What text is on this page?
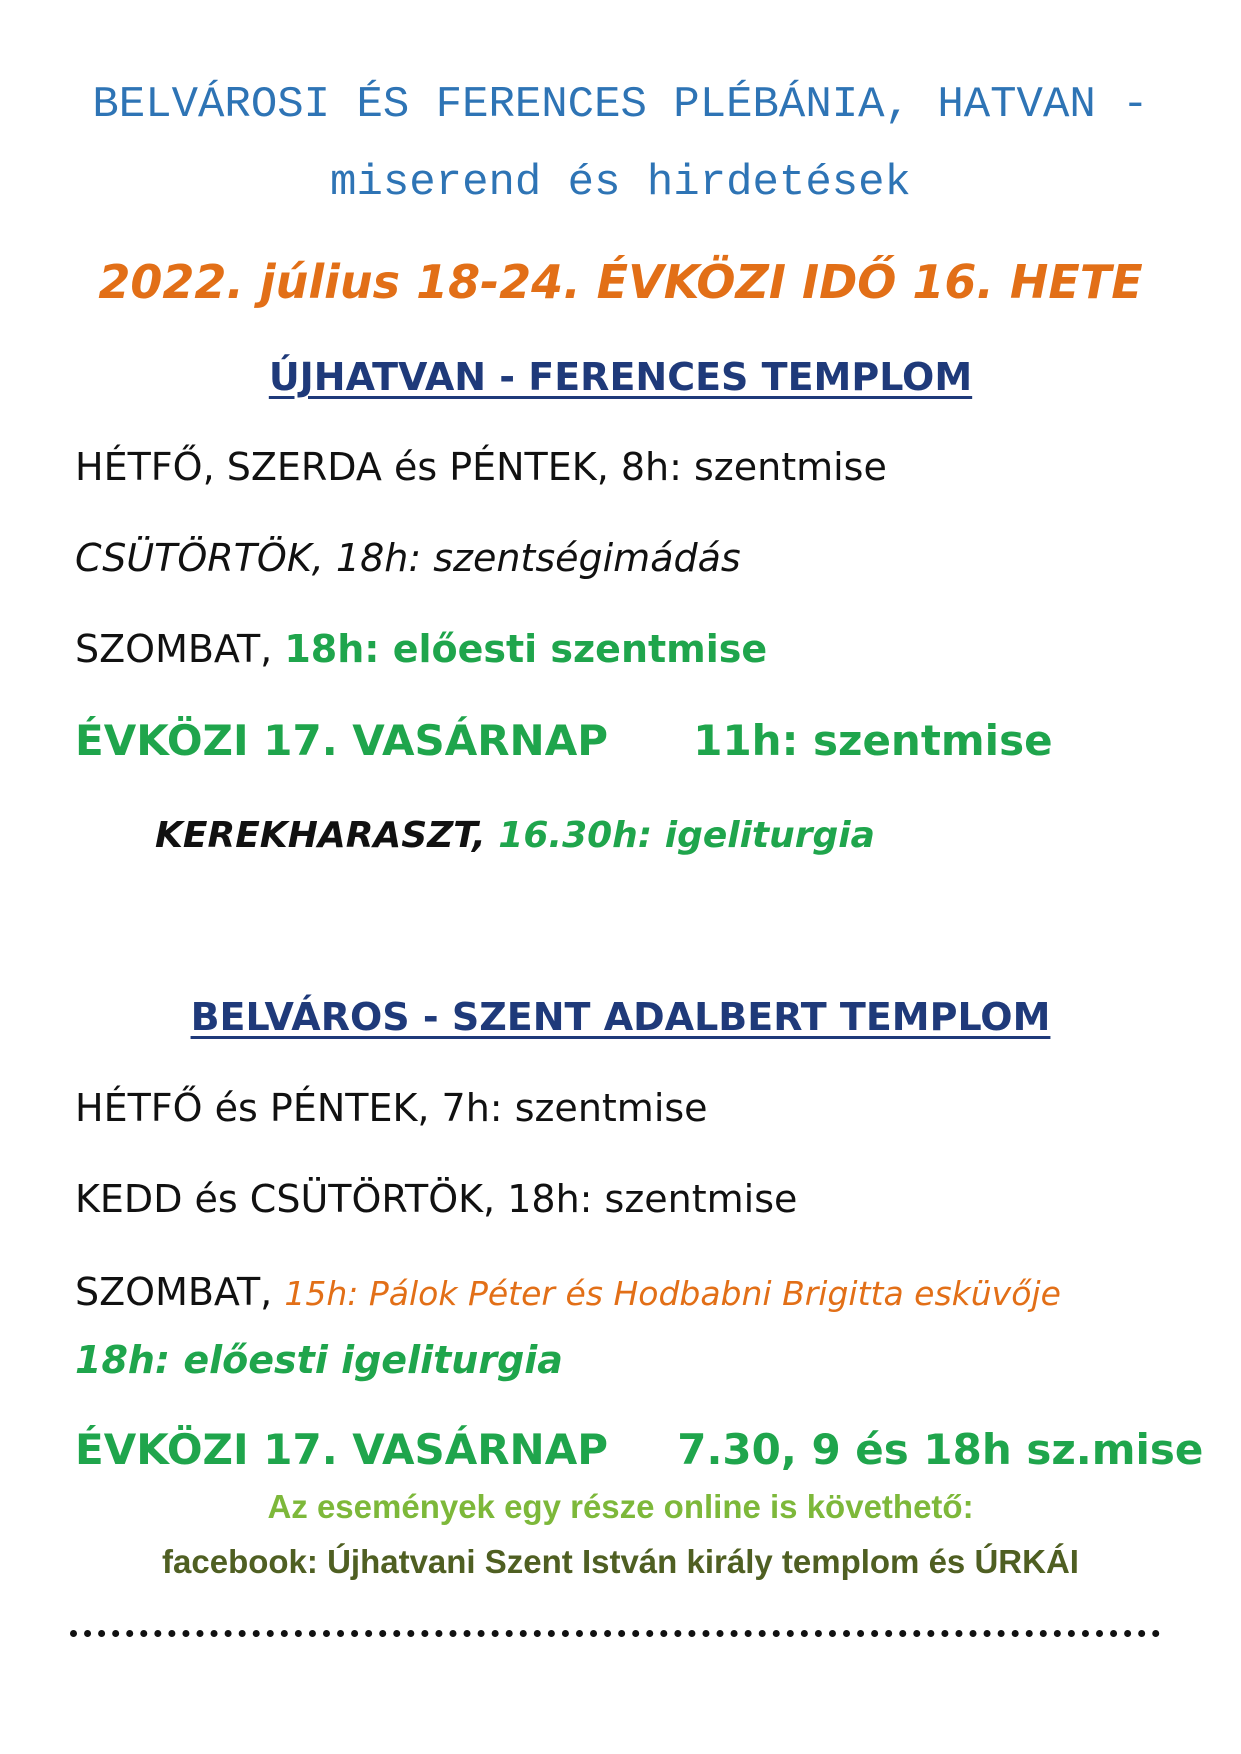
BELVÁROSI ÉS FERENCES PLÉBÁNIA, HATVAN -
miserend és hirdetések
2022. július 18-24. ÉVKÖZI IDŐ 16. HETE
ÚJHATVAN - FERENCES TEMPLOM
HÉTFŐ, SZERDA és PÉNTEK, 8h: szentmise
CSÜTÖRTÖK, 18h: szentségimádás
SZOMBAT, 18h: előesti szentmise
ÉVKÖZI 17. VASÁRNAP 11h: szentmise
KEREKHARASZT, 16.30h: igeliturgia
BELVÁROS - SZENT ADALBERT TEMPLOM
HÉTFŐ és PÉNTEK, 7h: szentmise
KEDD és CSÜTÖRTÖK, 18h: szentmise
SZOMBAT, 15h: Pálok Péter és Hodbabni Brigitta esküvője
18h: előesti igeliturgia
ÉVKÖZI 17. VASÁRNAP 7.30, 9 és 18h sz.mise
Az események egy része online is követhető:
facebook: Újhatvani Szent István király templom és ÚRKÁI
